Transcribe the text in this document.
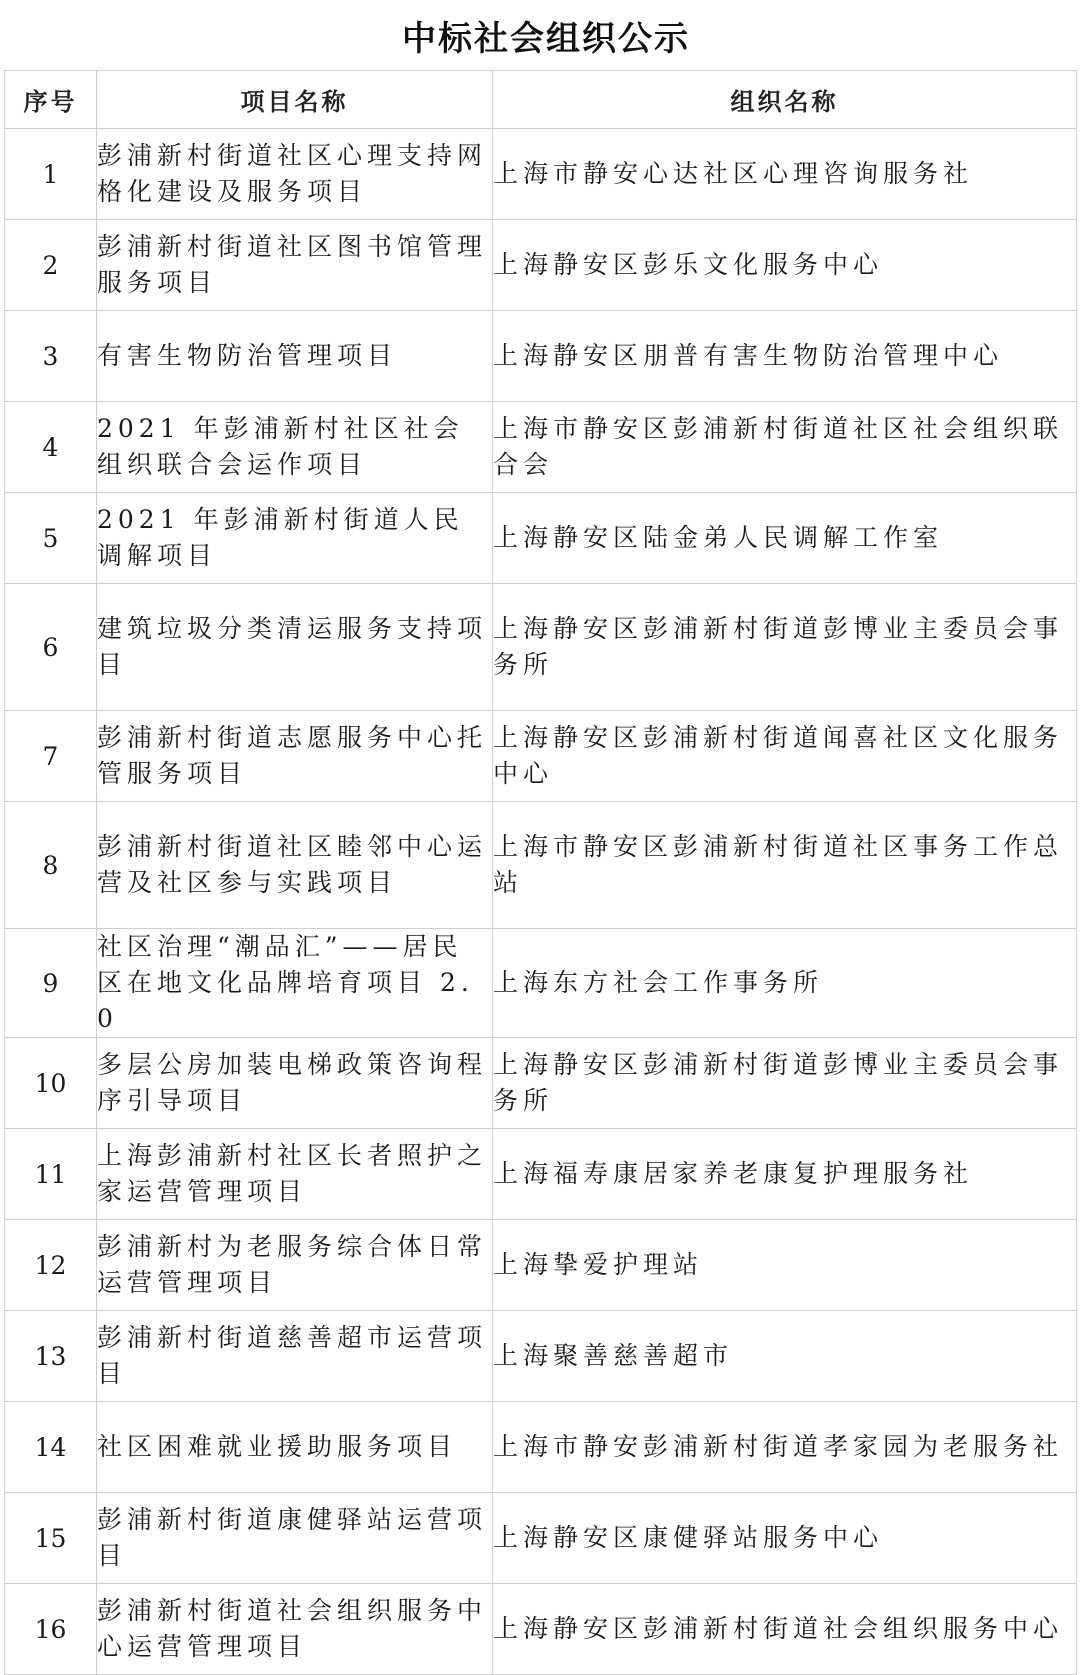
中标社会组织公示
序号	项目名称	组织名称
1	彭浦新村街道社区心理支持网格化建设及服务项目	上海市静安心达社区心理咨询服务社
2	彭浦新村街道社区图书馆管理服务项目	上海静安区彭乐文化服务中心
3	有害生物防治管理项目	上海静安区朋普有害生物防治管理中心
4	2021 年彭浦新村社区社会组织联合会运作项目	上海市静安区彭浦新村街道社区社会组织联合会
5	2021 年彭浦新村街道人民调解项目	上海静安区陆金弟人民调解工作室
6	建筑垃圾分类清运服务支持项目	上海静安区彭浦新村街道彭博业主委员会事务所
7	彭浦新村街道志愿服务中心托管服务项目	上海静安区彭浦新村街道闻喜社区文化服务中心
8	彭浦新村街道社区睦邻中心运营及社区参与实践项目	上海市静安区彭浦新村街道社区事务工作总站
9	社区治理“潮品汇”——居民区在地文化品牌培育项目 2.0	上海东方社会工作事务所
10	多层公房加装电梯政策咨询程序引导项目	上海静安区彭浦新村街道彭博业主委员会事务所
11	上海彭浦新村社区长者照护之家运营管理项目	上海福寿康居家养老康复护理服务社
12	彭浦新村为老服务综合体日常运营管理项目	上海挚爱护理站
13	彭浦新村街道慈善超市运营项目	上海聚善慈善超市
14	社区困难就业援助服务项目	上海市静安彭浦新村街道孝家园为老服务社
15	彭浦新村街道康健驿站运营项目	上海静安区康健驿站服务中心
16	彭浦新村街道社会组织服务中心运营管理项目	上海静安区彭浦新村街道社会组织服务中心
